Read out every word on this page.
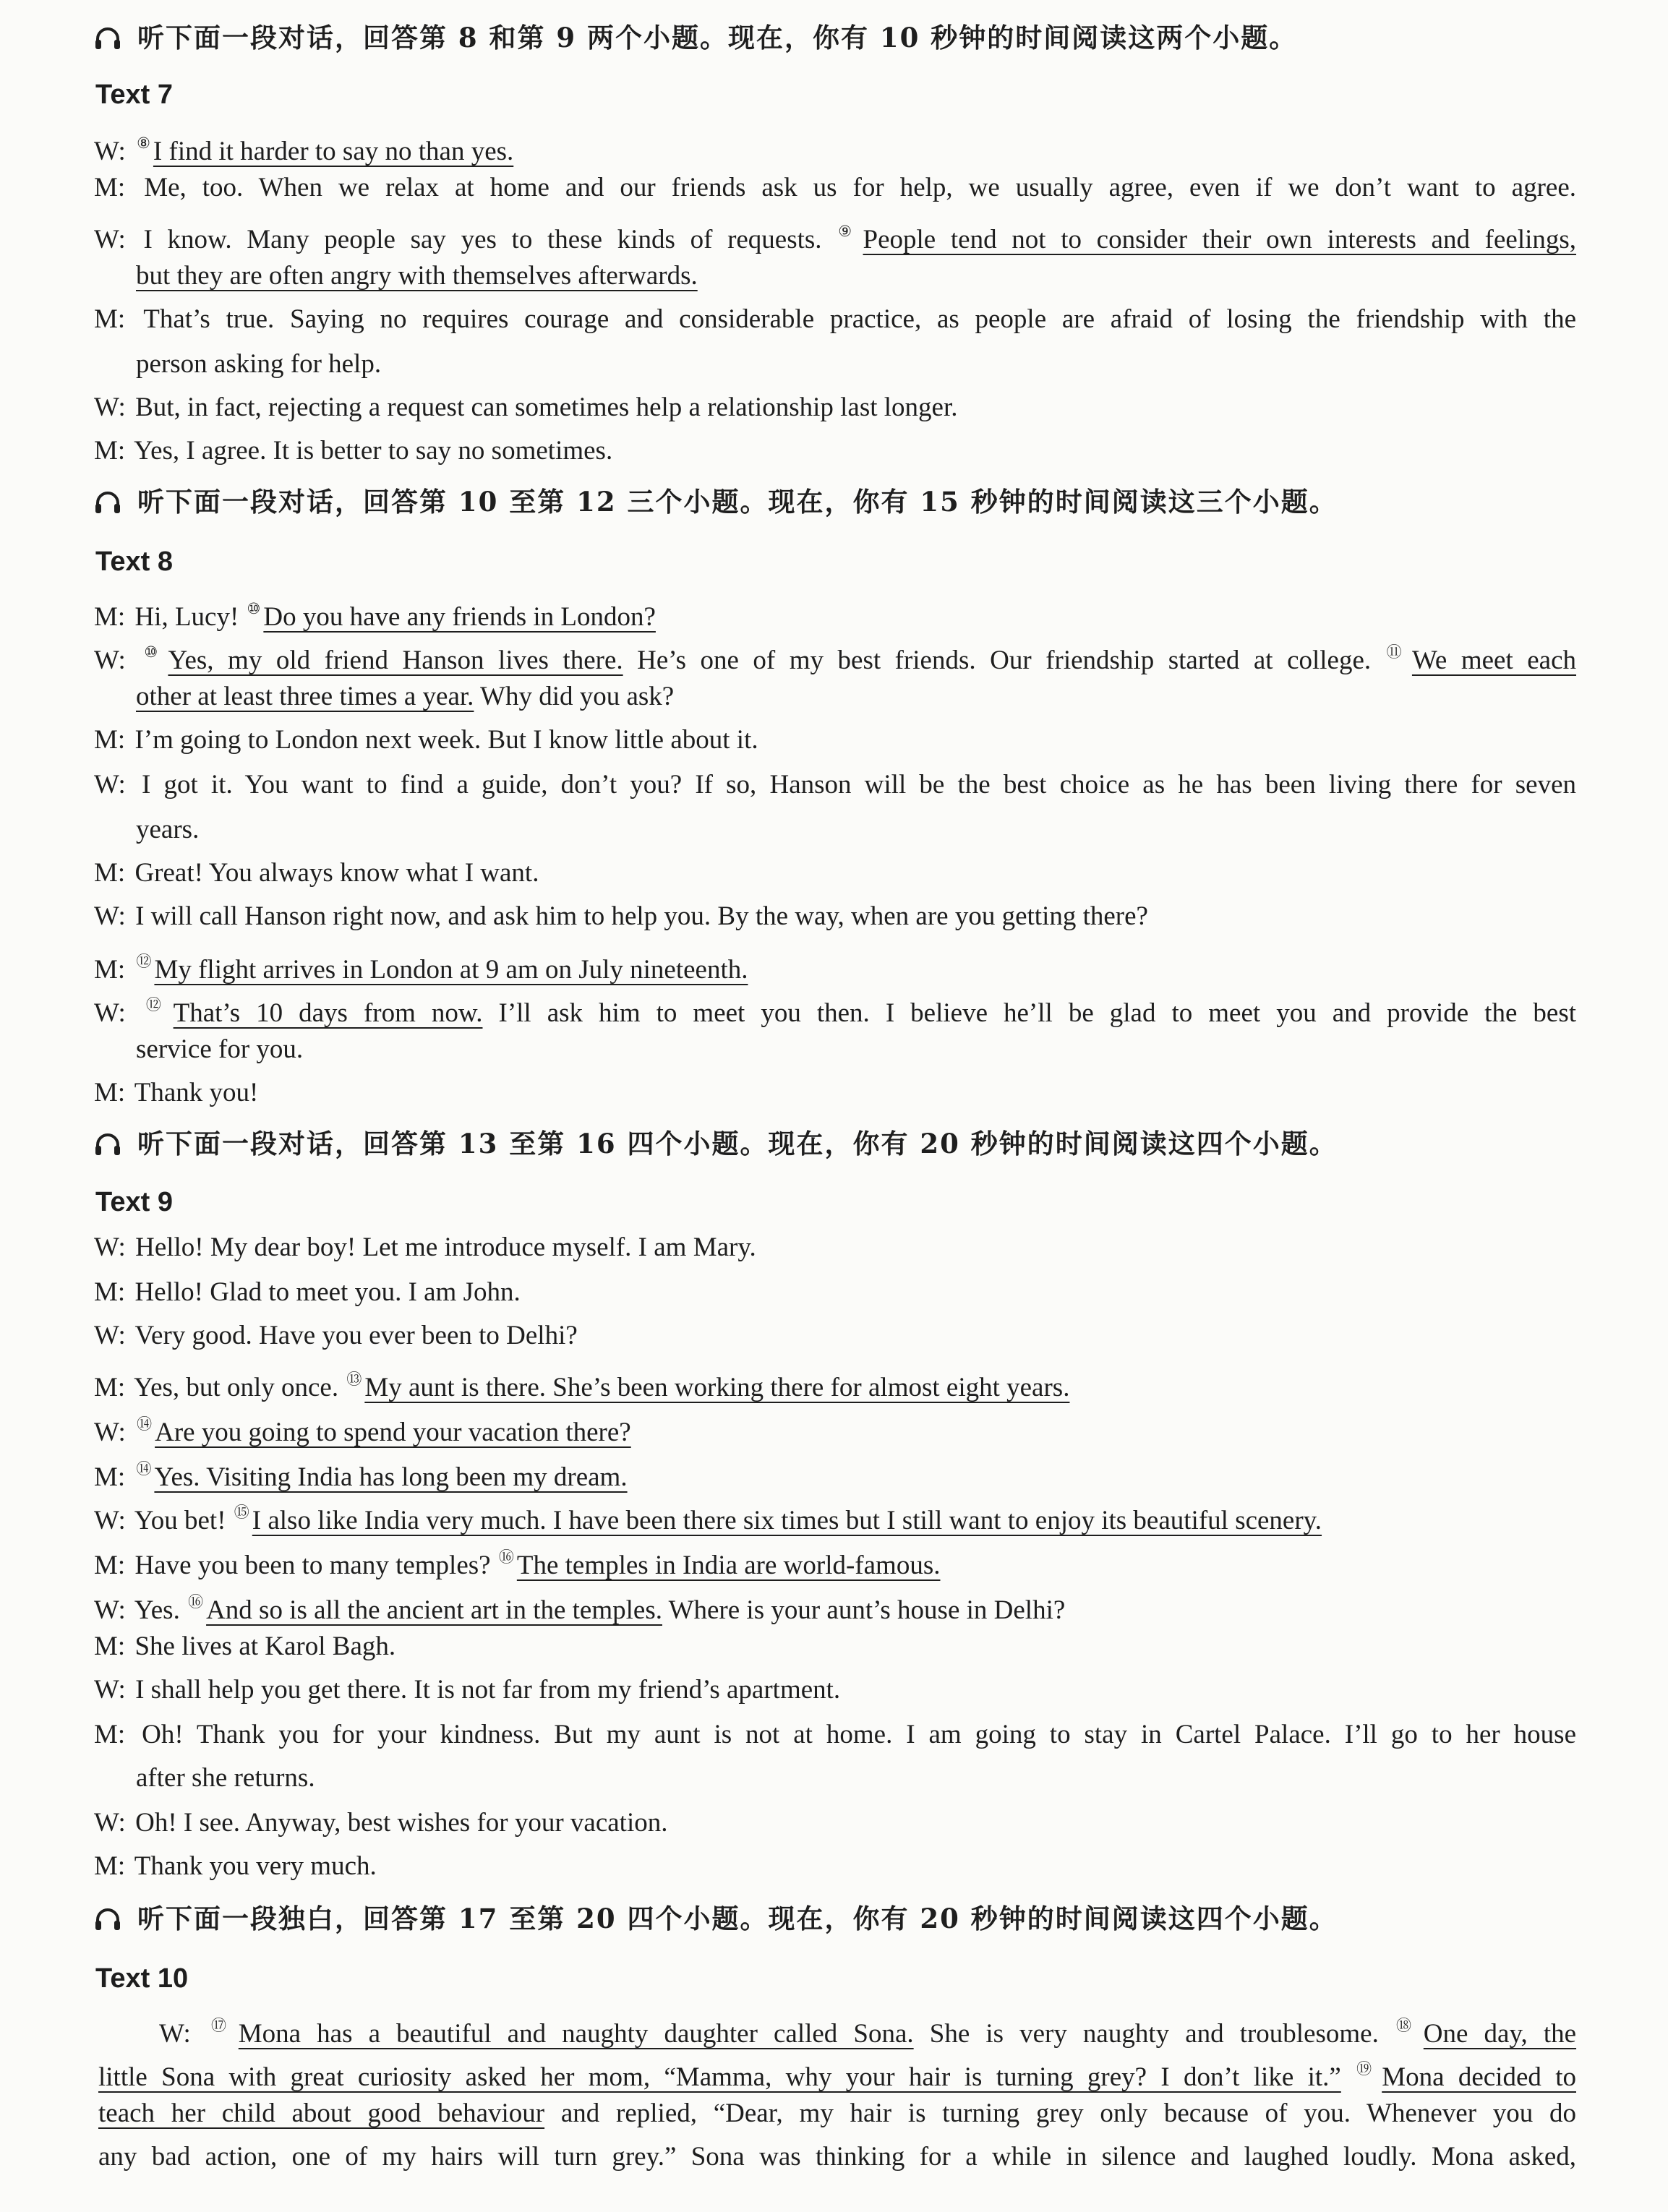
听下面一段对话，回答第 8 和第 9 两个小题。现在，你有 10 秒钟的时间阅读这两个小题。
Text 7
W: ⑧ I find it harder to say no than yes.
M: Me, too. When we relax at home and our friends ask us for help, we usually agree, even if we don’t want to agree.
W: I know. Many people say yes to these kinds of requests. ⑨ People tend not to consider their own interests and feelings,
but they are often angry with themselves afterwards.
M: That’s true. Saying no requires courage and considerable practice, as people are afraid of losing the friendship with the
person asking for help.
W: But, in fact, rejecting a request can sometimes help a relationship last longer.
M: Yes, I agree. It is better to say no sometimes.
听下面一段对话，回答第 10 至第 12 三个小题。现在，你有 15 秒钟的时间阅读这三个小题。
Text 8
M: Hi, Lucy! ⑩ Do you have any friends in London?
W: ⑩ Yes, my old friend Hanson lives there. He’s one of my best friends. Our friendship started at college. ⑪ We meet each
other at least three times a year. Why did you ask?
M: I’m going to London next week. But I know little about it.
W: I got it. You want to find a guide, don’t you? If so, Hanson will be the best choice as he has been living there for seven
years.
M: Great! You always know what I want.
W: I will call Hanson right now, and ask him to help you. By the way, when are you getting there?
M: ⑫ My flight arrives in London at 9 am on July nineteenth.
W: ⑫ That’s 10 days from now. I’ll ask him to meet you then. I believe he’ll be glad to meet you and provide the best
service for you.
M: Thank you!
听下面一段对话，回答第 13 至第 16 四个小题。现在，你有 20 秒钟的时间阅读这四个小题。
Text 9
W: Hello! My dear boy! Let me introduce myself. I am Mary.
M: Hello! Glad to meet you. I am John.
W: Very good. Have you ever been to Delhi?
M: Yes, but only once. ⑬ My aunt is there. She’s been working there for almost eight years.
W: ⑭ Are you going to spend your vacation there?
M: ⑭ Yes. Visiting India has long been my dream.
W: You bet! ⑮ I also like India very much. I have been there six times but I still want to enjoy its beautiful scenery.
M: Have you been to many temples? ⑯ The temples in India are world-famous.
W: Yes. ⑯ And so is all the ancient art in the temples. Where is your aunt’s house in Delhi?
M: She lives at Karol Bagh.
W: I shall help you get there. It is not far from my friend’s apartment.
M: Oh! Thank you for your kindness. But my aunt is not at home. I am going to stay in Cartel Palace. I’ll go to her house
after she returns.
W: Oh! I see. Anyway, best wishes for your vacation.
M: Thank you very much.
听下面一段独白，回答第 17 至第 20 四个小题。现在，你有 20 秒钟的时间阅读这四个小题。
Text 10
W: ⑰ Mona has a beautiful and naughty daughter called Sona. She is very naughty and troublesome. ⑱ One day, the
little Sona with great curiosity asked her mom, “Mamma, why your hair is turning grey? I don’t like it.” ⑲ Mona decided to
teach her child about good behaviour and replied, “Dear, my hair is turning grey only because of you. Whenever you do
any bad action, one of my hairs will turn grey.” Sona was thinking for a while in silence and laughed loudly. Mona asked,
